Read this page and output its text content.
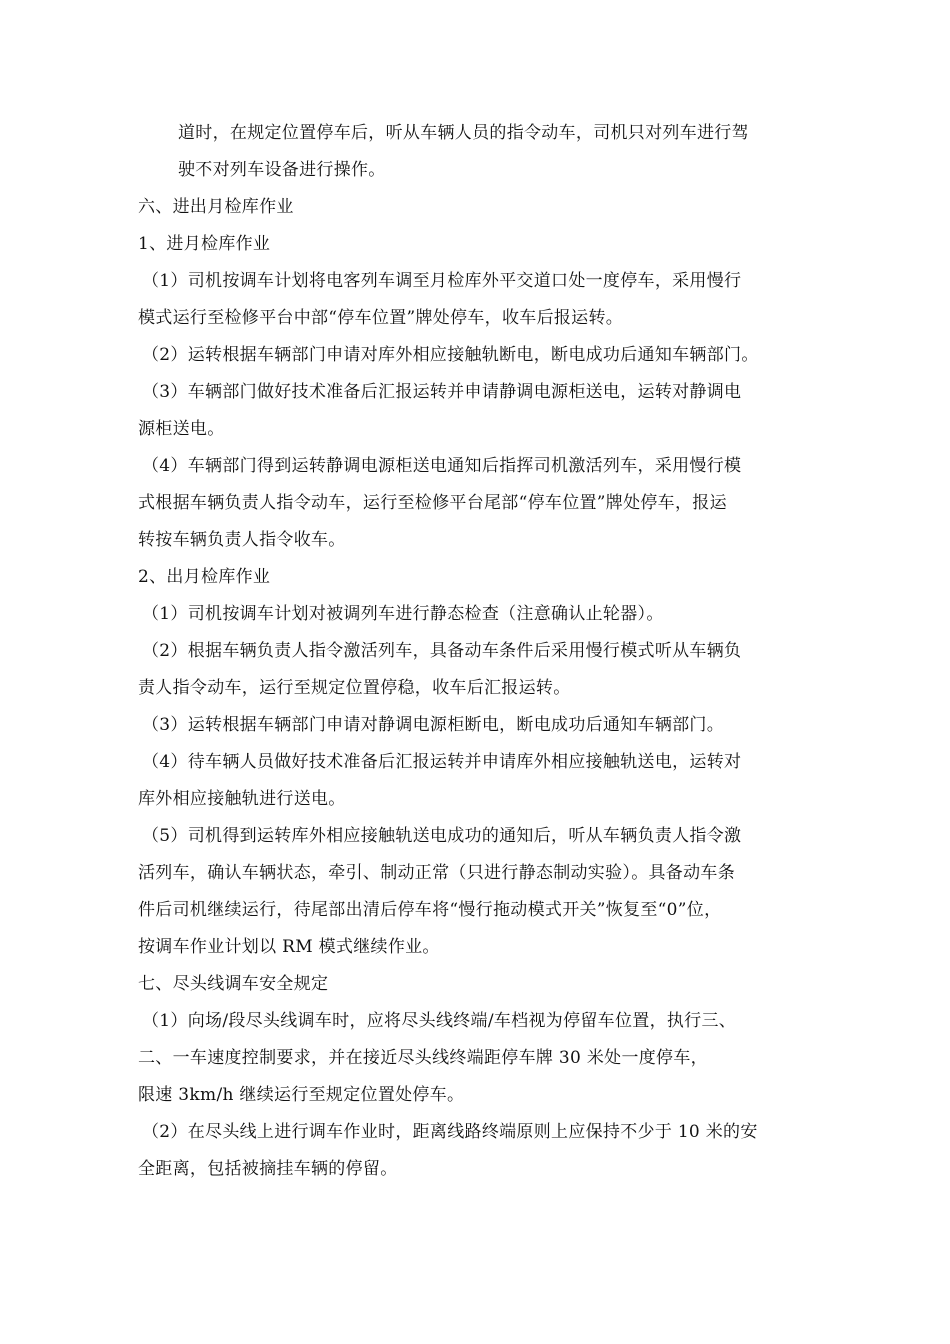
道时，在规定位置停车后，听从车辆人员的指令动车，司机只对列车进行驾
驶不对列车设备进行操作。
六、进出月检库作业
1、进月检库作业
（1）司机按调车计划将电客列车调至月检库外平交道口处一度停车，采用慢行
模式运行至检修平台中部“停车位置”牌处停车，收车后报运转。
（2）运转根据车辆部门申请对库外相应接触轨断电，断电成功后通知车辆部门。
（3）车辆部门做好技术准备后汇报运转并申请静调电源柜送电，运转对静调电
源柜送电。
（4）车辆部门得到运转静调电源柜送电通知后指挥司机激活列车，采用慢行模
式根据车辆负责人指令动车，运行至检修平台尾部“停车位置”牌处停车，报运
转按车辆负责人指令收车。
2、出月检库作业
（1）司机按调车计划对被调列车进行静态检查（注意确认止轮器）。
（2）根据车辆负责人指令激活列车，具备动车条件后采用慢行模式听从车辆负
责人指令动车，运行至规定位置停稳，收车后汇报运转。
（3）运转根据车辆部门申请对静调电源柜断电，断电成功后通知车辆部门。
（4）待车辆人员做好技术准备后汇报运转并申请库外相应接触轨送电，运转对
库外相应接触轨进行送电。
（5）司机得到运转库外相应接触轨送电成功的通知后，听从车辆负责人指令激
活列车，确认车辆状态，牵引、制动正常（只进行静态制动实验）。具备动车条
件后司机继续运行，待尾部出清后停车将“慢行拖动模式开关”恢复至“0”位，
按调车作业计划以 RM 模式继续作业。
七、尽头线调车安全规定
（1）向场/段尽头线调车时，应将尽头线终端/车档视为停留车位置，执行三、
二、一车速度控制要求，并在接近尽头线终端距停车牌 30 米处一度停车，
限速 3km/h 继续运行至规定位置处停车。
（2）在尽头线上进行调车作业时，距离线路终端原则上应保持不少于 10 米的安
全距离，包括被摘挂车辆的停留。
